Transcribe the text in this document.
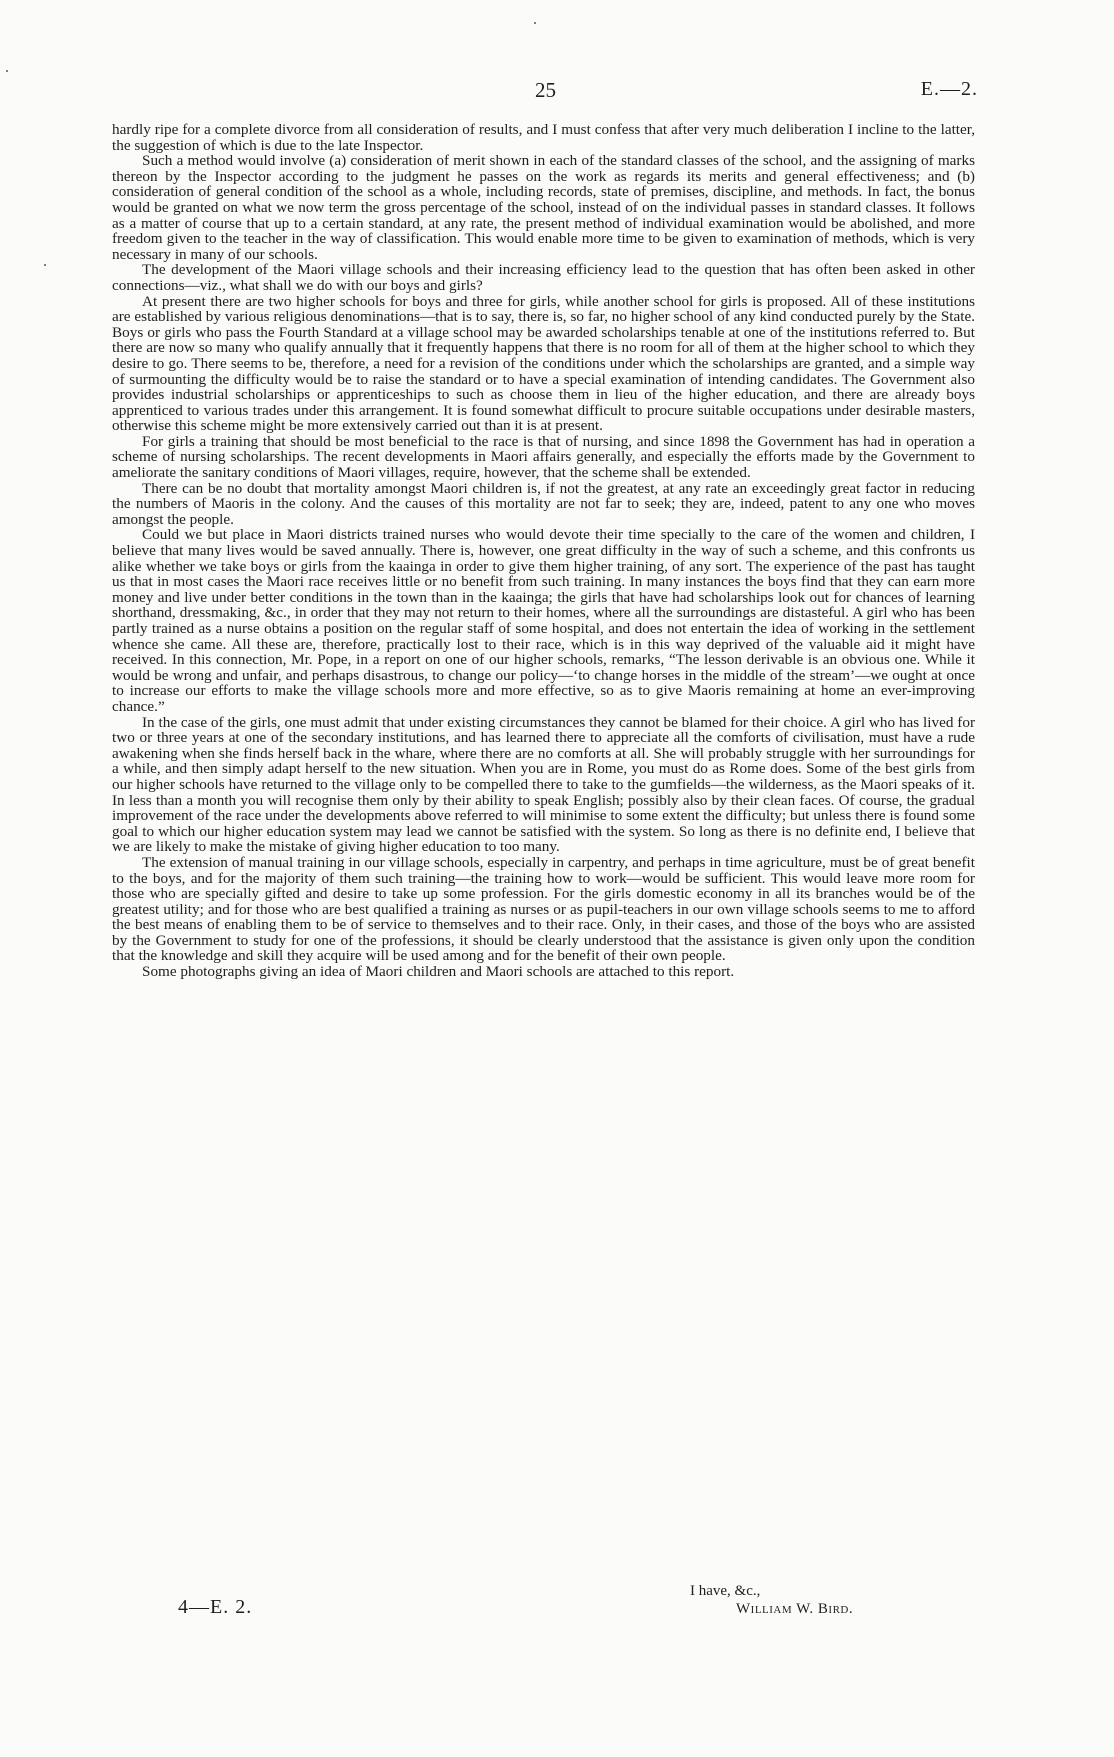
25	E.—2.

hardly ripe for a complete divorce from all consideration of results, and I must confess that after very much deliberation I incline to the latter, the suggestion of which is due to the late Inspector.

Such a method would involve (a) consideration of merit shown in each of the standard classes of the school, and the assigning of marks thereon by the Inspector according to the judgment he passes on the work as regards its merits and general effectiveness; and (b) consideration of general condition of the school as a whole, including records, state of premises, discipline, and methods. In fact, the bonus would be granted on what we now term the gross percentage of the school, instead of on the individual passes in standard classes. It follows as a matter of course that up to a certain standard, at any rate, the present method of individual examination would be abolished, and more freedom given to the teacher in the way of classification. This would enable more time to be given to examination of methods, which is very necessary in many of our schools.

The development of the Maori village schools and their increasing efficiency lead to the question that has often been asked in other connections—viz., what shall we do with our boys and girls?

At present there are two higher schools for boys and three for girls, while another school for girls is proposed. All of these institutions are established by various religious denominations—that is to say, there is, so far, no higher school of any kind conducted purely by the State. Boys or girls who pass the Fourth Standard at a village school may be awarded scholarships tenable at one of the institutions referred to. But there are now so many who qualify annually that it frequently happens that there is no room for all of them at the higher school to which they desire to go. There seems to be, therefore, a need for a revision of the conditions under which the scholarships are granted, and a simple way of surmounting the difficulty would be to raise the standard or to have a special examination of intending candidates. The Government also provides industrial scholarships or apprenticeships to such as choose them in lieu of the higher education, and there are already boys apprenticed to various trades under this arrangement. It is found somewhat difficult to procure suitable occupations under desirable masters, otherwise this scheme might be more extensively carried out than it is at present.

For girls a training that should be most beneficial to the race is that of nursing, and since 1898 the Government has had in operation a scheme of nursing scholarships. The recent developments in Maori affairs generally, and especially the efforts made by the Government to ameliorate the sanitary conditions of Maori villages, require, however, that the scheme shall be extended.

There can be no doubt that mortality amongst Maori children is, if not the greatest, at any rate an exceedingly great factor in reducing the numbers of Maoris in the colony. And the causes of this mortality are not far to seek; they are, indeed, patent to any one who moves amongst the people.

Could we but place in Maori districts trained nurses who would devote their time specially to the care of the women and children, I believe that many lives would be saved annually. There is, however, one great difficulty in the way of such a scheme, and this confronts us alike whether we take boys or girls from the kaainga in order to give them higher training, of any sort. The experience of the past has taught us that in most cases the Maori race receives little or no benefit from such training. In many instances the boys find that they can earn more money and live under better conditions in the town than in the kaainga; the girls that have had scholarships look out for chances of learning shorthand, dressmaking, &c., in order that they may not return to their homes, where all the surroundings are distasteful. A girl who has been partly trained as a nurse obtains a position on the regular staff of some hospital, and does not entertain the idea of working in the settlement whence she came. All these are, therefore, practically lost to their race, which is in this way deprived of the valuable aid it might have received. In this connection, Mr. Pope, in a report on one of our higher schools, remarks, “The lesson derivable is an obvious one. While it would be wrong and unfair, and perhaps disastrous, to change our policy—‘to change horses in the middle of the stream’—we ought at once to increase our efforts to make the village schools more and more effective, so as to give Maoris remaining at home an ever-improving chance.”

In the case of the girls, one must admit that under existing circumstances they cannot be blamed for their choice. A girl who has lived for two or three years at one of the secondary institutions, and has learned there to appreciate all the comforts of civilisation, must have a rude awakening when she finds herself back in the whare, where there are no comforts at all. She will probably struggle with her surroundings for a while, and then simply adapt herself to the new situation. When you are in Rome, you must do as Rome does. Some of the best girls from our higher schools have returned to the village only to be compelled there to take to the gumfields—the wilderness, as the Maori speaks of it. In less than a month you will recognise them only by their ability to speak English; possibly also by their clean faces. Of course, the gradual improvement of the race under the developments above referred to will minimise to some extent the difficulty; but unless there is found some goal to which our higher education system may lead we cannot be satisfied with the system. So long as there is no definite end, I believe that we are likely to make the mistake of giving higher education to too many.

The extension of manual training in our village schools, especially in carpentry, and perhaps in time agriculture, must be of great benefit to the boys, and for the majority of them such training—the training how to work—would be sufficient. This would leave more room for those who are specially gifted and desire to take up some profession. For the girls domestic economy in all its branches would be of the greatest utility; and for those who are best qualified a training as nurses or as pupil-teachers in our own village schools seems to me to afford the best means of enabling them to be of service to themselves and to their race. Only, in their cases, and those of the boys who are assisted by the Government to study for one of the professions, it should be clearly understood that the assistance is given only upon the condition that the knowledge and skill they acquire will be used among and for the benefit of their own people.

Some photographs giving an idea of Maori children and Maori schools are attached to this report.

I have, &c.,
William W. Bird.
4—E. 2.
